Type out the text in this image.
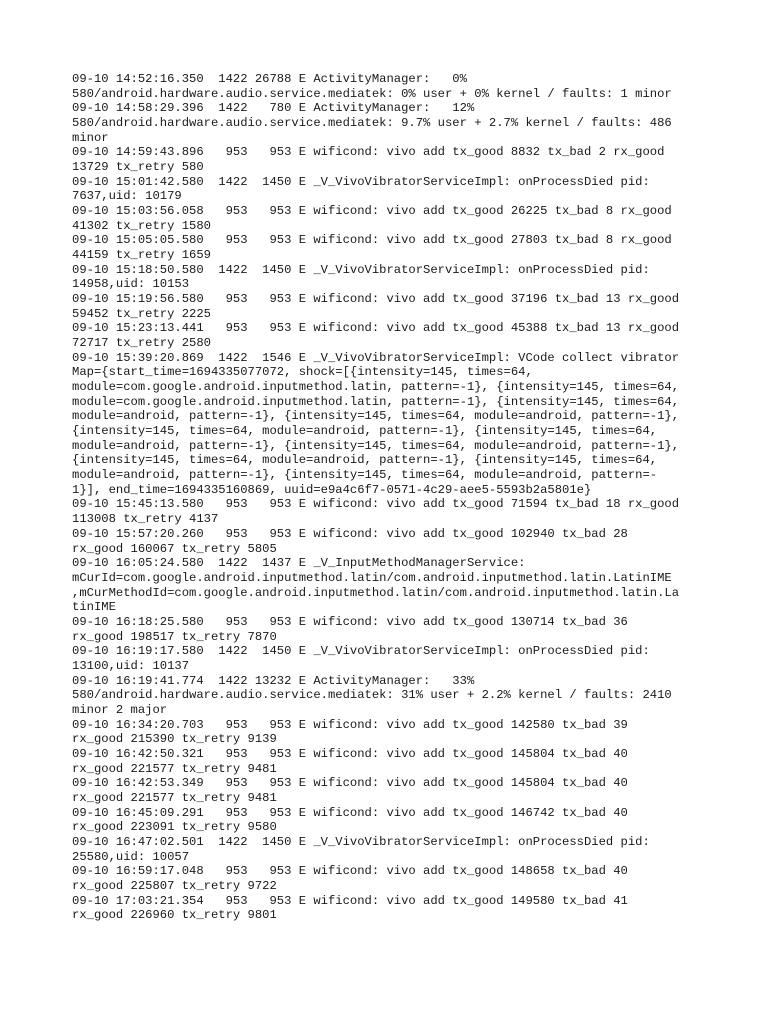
09-10 14:52:16.350  1422 26788 E ActivityManager:   0%
580/android.hardware.audio.service.mediatek: 0% user + 0% kernel / faults: 1 minor
09-10 14:58:29.396  1422   780 E ActivityManager:   12%
580/android.hardware.audio.service.mediatek: 9.7% user + 2.7% kernel / faults: 486
minor
09-10 14:59:43.896   953   953 E wificond: vivo add tx_good 8832 tx_bad 2 rx_good
13729 tx_retry 580
09-10 15:01:42.580  1422  1450 E _V_VivoVibratorServiceImpl: onProcessDied pid:
7637,uid: 10179
09-10 15:03:56.058   953   953 E wificond: vivo add tx_good 26225 tx_bad 8 rx_good
41302 tx_retry 1580
09-10 15:05:05.580   953   953 E wificond: vivo add tx_good 27803 tx_bad 8 rx_good
44159 tx_retry 1659
09-10 15:18:50.580  1422  1450 E _V_VivoVibratorServiceImpl: onProcessDied pid:
14958,uid: 10153
09-10 15:19:56.580   953   953 E wificond: vivo add tx_good 37196 tx_bad 13 rx_good
59452 tx_retry 2225
09-10 15:23:13.441   953   953 E wificond: vivo add tx_good 45388 tx_bad 13 rx_good
72717 tx_retry 2580
09-10 15:39:20.869  1422  1546 E _V_VivoVibratorServiceImpl: VCode collect vibrator
Map={start_time=1694335077072, shock=[{intensity=145, times=64,
module=com.google.android.inputmethod.latin, pattern=-1}, {intensity=145, times=64,
module=com.google.android.inputmethod.latin, pattern=-1}, {intensity=145, times=64,
module=android, pattern=-1}, {intensity=145, times=64, module=android, pattern=-1},
{intensity=145, times=64, module=android, pattern=-1}, {intensity=145, times=64,
module=android, pattern=-1}, {intensity=145, times=64, module=android, pattern=-1},
{intensity=145, times=64, module=android, pattern=-1}, {intensity=145, times=64,
module=android, pattern=-1}, {intensity=145, times=64, module=android, pattern=-
1}], end_time=1694335160869, uuid=e9a4c6f7-0571-4c29-aee5-5593b2a5801e}
09-10 15:45:13.580   953   953 E wificond: vivo add tx_good 71594 tx_bad 18 rx_good
113008 tx_retry 4137
09-10 15:57:20.260   953   953 E wificond: vivo add tx_good 102940 tx_bad 28
rx_good 160067 tx_retry 5805
09-10 16:05:24.580  1422  1437 E _V_InputMethodManagerService:
mCurId=com.google.android.inputmethod.latin/com.android.inputmethod.latin.LatinIME
,mCurMethodId=com.google.android.inputmethod.latin/com.android.inputmethod.latin.La
tinIME
09-10 16:18:25.580   953   953 E wificond: vivo add tx_good 130714 tx_bad 36
rx_good 198517 tx_retry 7870
09-10 16:19:17.580  1422  1450 E _V_VivoVibratorServiceImpl: onProcessDied pid:
13100,uid: 10137
09-10 16:19:41.774  1422 13232 E ActivityManager:   33%
580/android.hardware.audio.service.mediatek: 31% user + 2.2% kernel / faults: 2410
minor 2 major
09-10 16:34:20.703   953   953 E wificond: vivo add tx_good 142580 tx_bad 39
rx_good 215390 tx_retry 9139
09-10 16:42:50.321   953   953 E wificond: vivo add tx_good 145804 tx_bad 40
rx_good 221577 tx_retry 9481
09-10 16:42:53.349   953   953 E wificond: vivo add tx_good 145804 tx_bad 40
rx_good 221577 tx_retry 9481
09-10 16:45:09.291   953   953 E wificond: vivo add tx_good 146742 tx_bad 40
rx_good 223091 tx_retry 9580
09-10 16:47:02.501  1422  1450 E _V_VivoVibratorServiceImpl: onProcessDied pid:
25580,uid: 10057
09-10 16:59:17.048   953   953 E wificond: vivo add tx_good 148658 tx_bad 40
rx_good 225807 tx_retry 9722
09-10 17:03:21.354   953   953 E wificond: vivo add tx_good 149580 tx_bad 41
rx_good 226960 tx_retry 9801
